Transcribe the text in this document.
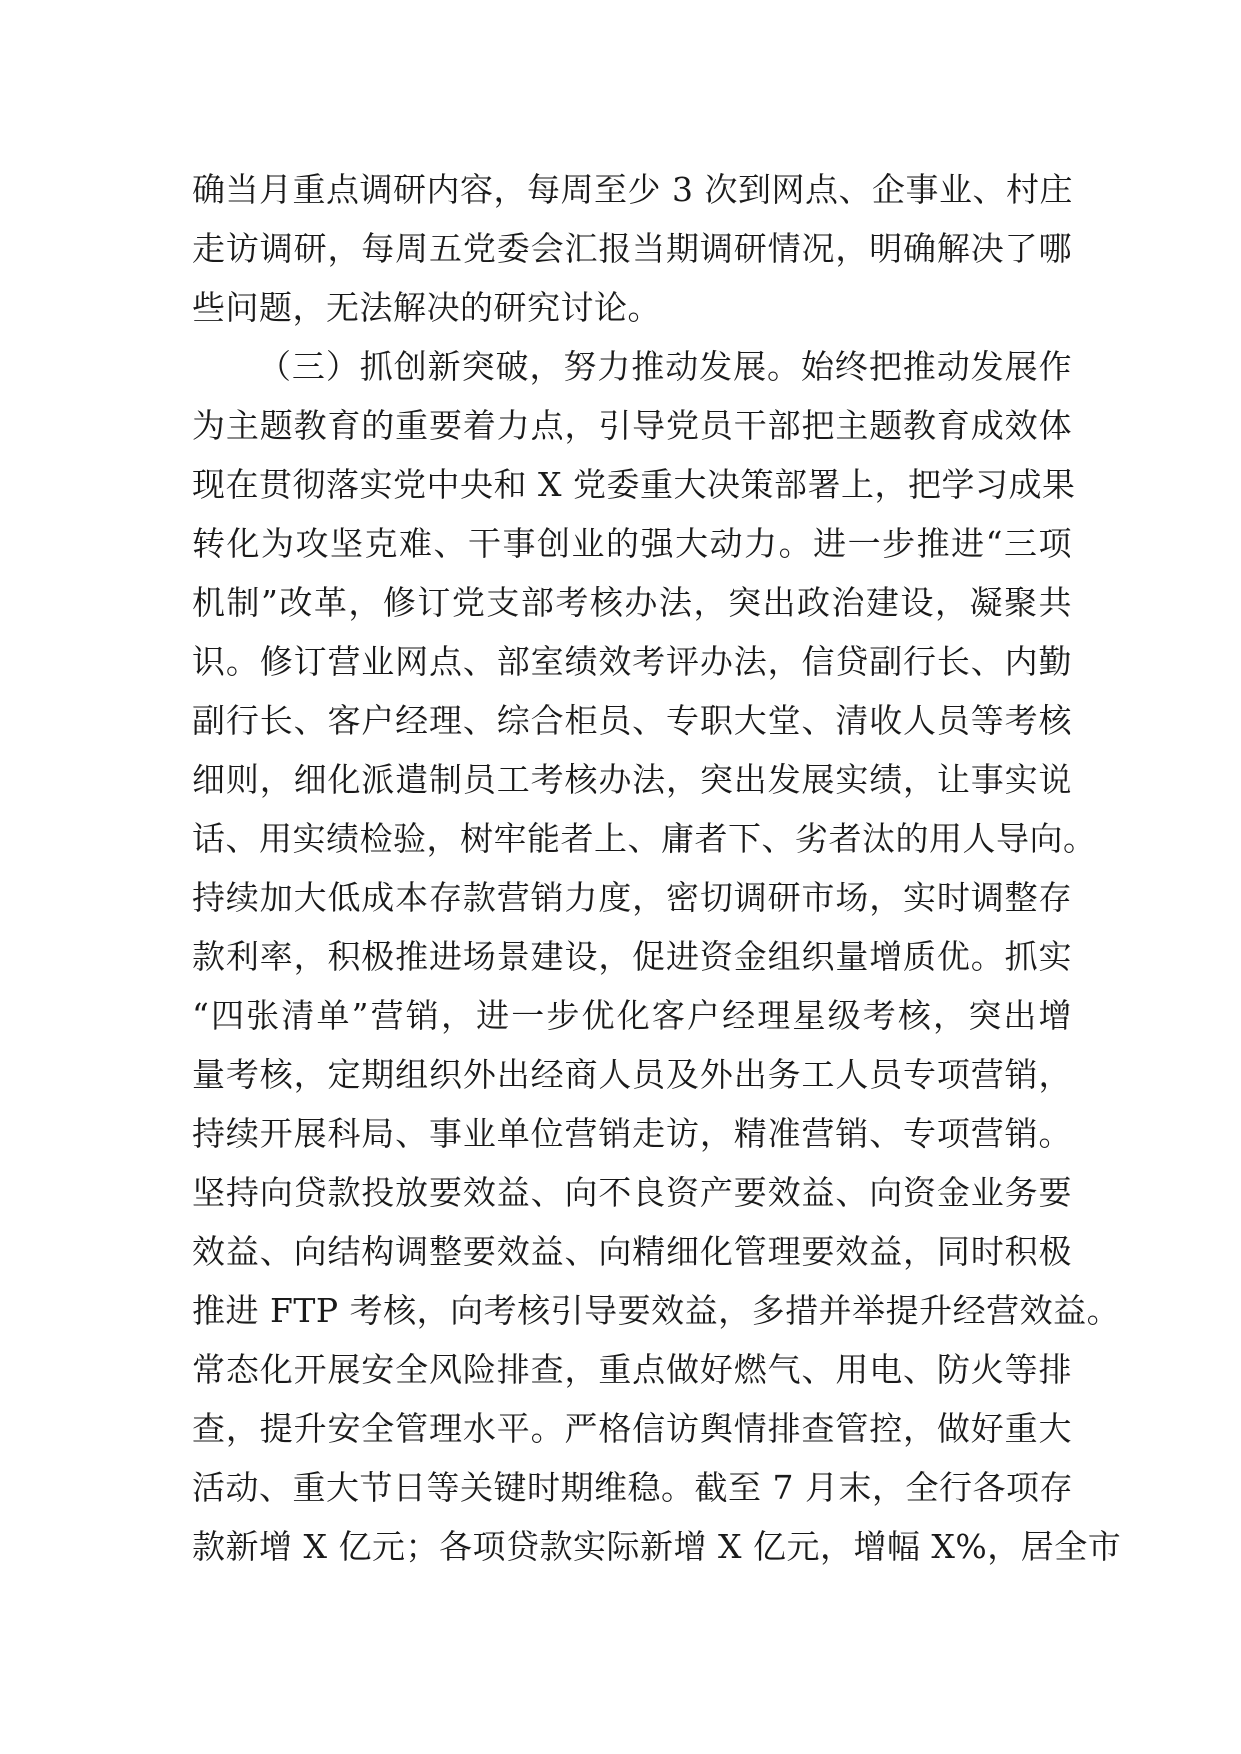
确当月重点调研内容，每周至少 3 次到网点、企事业、村庄
走访调研，每周五党委会汇报当期调研情况，明确解决了哪
些问题，无法解决的研究讨论。
（三）抓创新突破，努力推动发展。始终把推动发展作
为主题教育的重要着力点，引导党员干部把主题教育成效体
现在贯彻落实党中央和 X 党委重大决策部署上，把学习成果
转化为攻坚克难、干事创业的强大动力。进一步推进“三项
机制”改革，修订党支部考核办法，突出政治建设，凝聚共
识。修订营业网点、部室绩效考评办法，信贷副行长、内勤
副行长、客户经理、综合柜员、专职大堂、清收人员等考核
细则，细化派遣制员工考核办法，突出发展实绩，让事实说
话、用实绩检验，树牢能者上、庸者下、劣者汰的用人导向。
持续加大低成本存款营销力度，密切调研市场，实时调整存
款利率，积极推进场景建设，促进资金组织量增质优。抓实
“四张清单”营销，进一步优化客户经理星级考核，突出增
量考核，定期组织外出经商人员及外出务工人员专项营销，
持续开展科局、事业单位营销走访，精准营销、专项营销。
坚持向贷款投放要效益、向不良资产要效益、向资金业务要
效益、向结构调整要效益、向精细化管理要效益，同时积极
推进 FTP 考核，向考核引导要效益，多措并举提升经营效益。
常态化开展安全风险排查，重点做好燃气、用电、防火等排
查，提升安全管理水平。严格信访舆情排查管控，做好重大
活动、重大节日等关键时期维稳。截至 7 月末，全行各项存
款新增 X 亿元；各项贷款实际新增 X 亿元，增幅 X%，居全市
